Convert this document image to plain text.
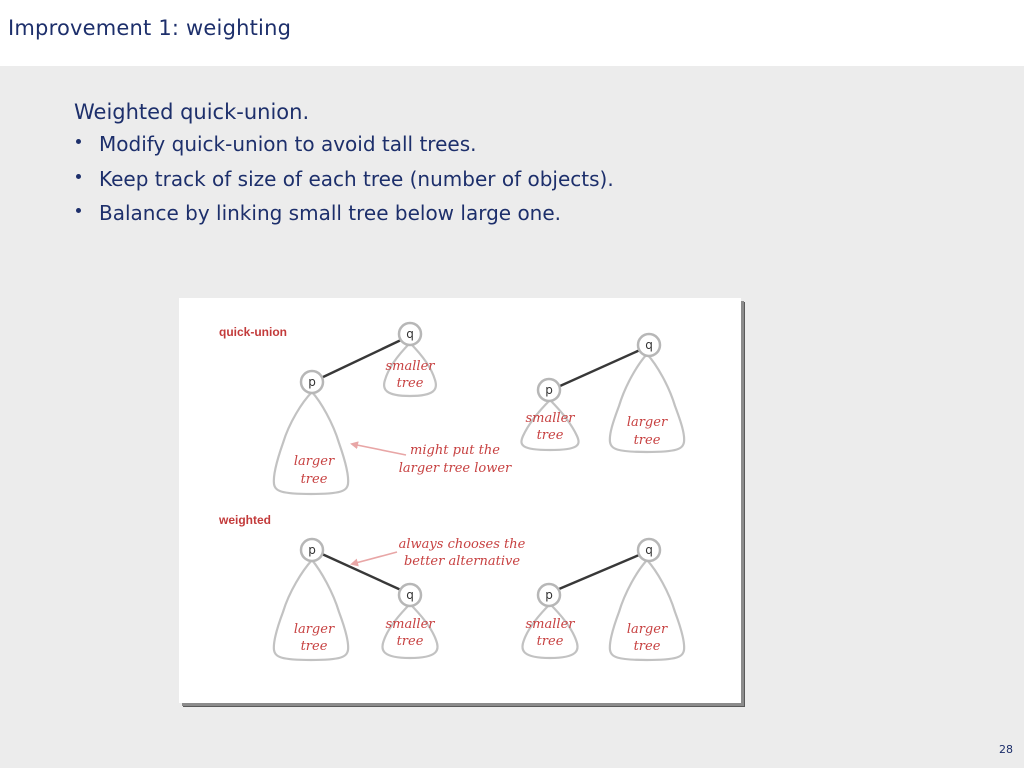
Improvement 1: weighting

Weighted quick-union.

Modify quick-union to avoid tall trees.
Keep track of size of each tree (number of objects).
Balance by linking small tree below large one.
quick-union
weighted
p
q
smaller
tree
larger
tree
might put the
larger tree lower
p
q
smaller
tree
larger
tree
p
q
larger
tree
smaller
tree
always chooses the
better alternative
p
q
smaller
tree
larger
tree
28
